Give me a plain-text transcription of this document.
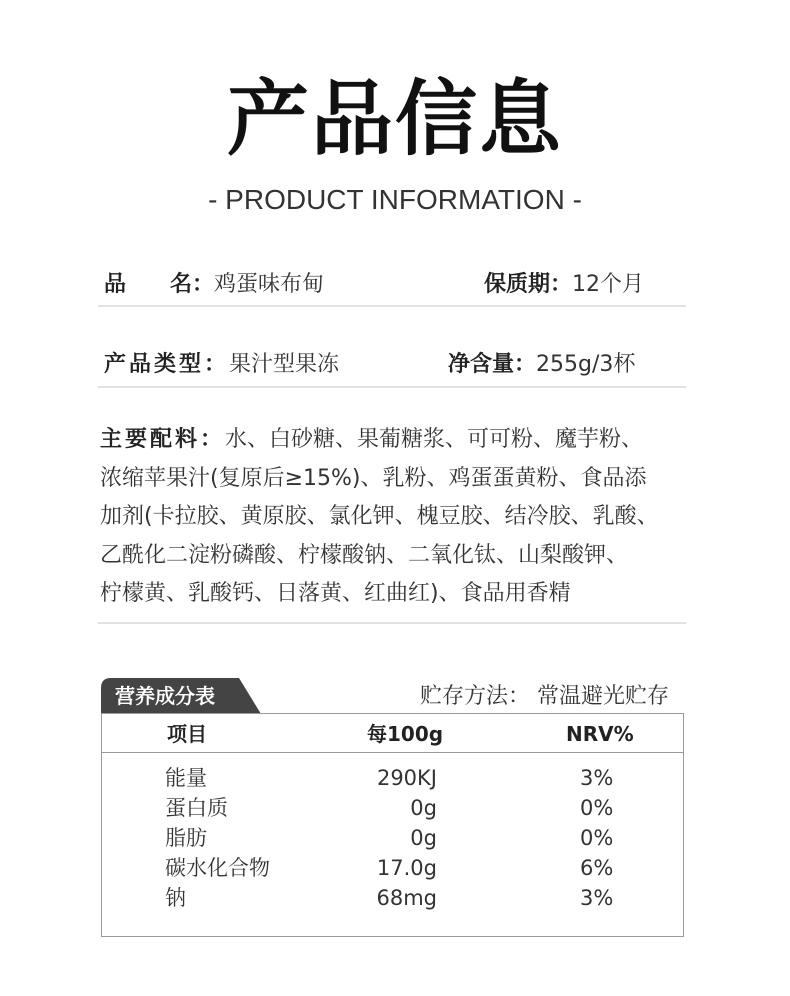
产品信息
- PRODUCT INFORMATION -
品　　名：鸡蛋味布甸	保质期：12个月
产品类型：果汁型果冻	净含量：255g/3杯
主要配料：水、白砂糖、果葡糖浆、可可粉、魔芋粉、
浓缩苹果汁(复原后≥15%)、乳粉、鸡蛋蛋黄粉、食品添
加剂(卡拉胶、黄原胶、氯化钾、槐豆胶、结冷胶、乳酸、
乙酰化二淀粉磷酸、柠檬酸钠、二氧化钛、山梨酸钾、
柠檬黄、乳酸钙、日落黄、红曲红)、食品用香精
营养成分表	贮存方法： 常温避光贮存
项目	每100g	NRV%
能量	290KJ	3%
蛋白质	0g	0%
脂肪	0g	0%
碳水化合物	17.0g	6%
钠	68mg	3%
